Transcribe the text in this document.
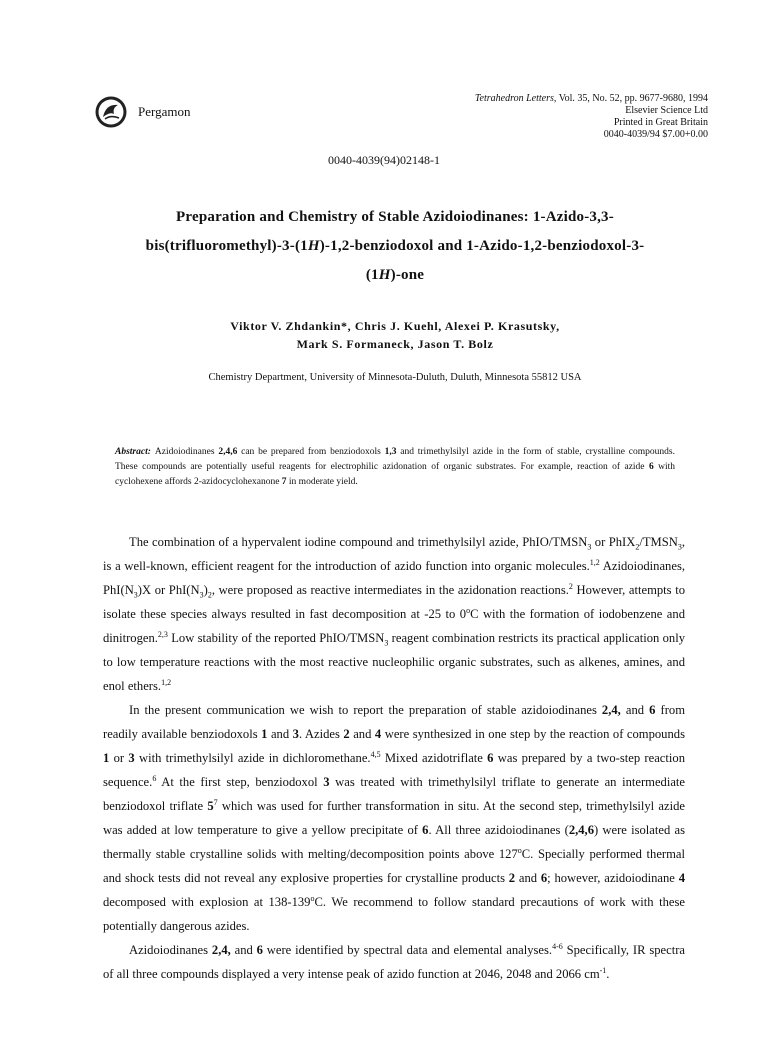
Pergamon
Tetrahedron Letters, Vol. 35, No. 52, pp. 9677-9680, 1994
Elsevier Science Ltd
Printed in Great Britain
0040-4039/94 $7.00+0.00
0040-4039(94)02148-1
Preparation and Chemistry of Stable Azidoiodinanes: 1-Azido-3,3-
bis(trifluoromethyl)-3-(1H)-1,2-benziodoxol and 1-Azido-1,2-benziodoxol-3-
(1H)-one
Viktor V. Zhdankin*, Chris J. Kuehl, Alexei P. Krasutsky,
Mark S. Formaneck, Jason T. Bolz
Chemistry Department, University of Minnesota-Duluth, Duluth, Minnesota 55812 USA
Abstract: Azidoiodinanes 2,4,6 can be prepared from benziodoxols 1,3 and trimethylsilyl azide in the form of stable, crystalline compounds. These compounds are potentially useful reagents for electrophilic azidonation of organic substrates. For example, reaction of azide 6 with cyclohexene affords 2-azidocyclohexanone 7 in moderate yield.

The combination of a hypervalent iodine compound and trimethylsilyl azide, PhIO/$TMSN_3$ or $PhIX_2/TMSN_3$, is a well-known, efficient reagent for the introduction of azido function into organic molecules.$^{1,2}$ Azidoiodinanes, $PhI(N_3)X$ or $PhI(N_3)_2$, were proposed as reactive intermediates in the azidonation reactions.$^2$ However, attempts to isolate these species always resulted in fast decomposition at -25 to 0$^o$C with the formation of iodobenzene and dinitrogen.$^{2,3}$ Low stability of the reported PhIO/$TMSN_3$ reagent combination restricts its practical application only to low temperature reactions with the most reactive nucleophilic organic substrates, such as alkenes, amines, and enol ethers.$^{1,2}$

In the present communication we wish to report the preparation of stable azidoiodinanes 2,4, and 6 from readily available benziodoxols 1 and 3. Azides 2 and 4 were synthesized in one step by the reaction of compounds 1 or 3 with trimethylsilyl azide in dichloromethane.$^{4,5}$ Mixed azidotriflate 6 was prepared by a two-step reaction sequence.$^6$ At the first step, benziodoxol 3 was treated with trimethylsilyl triflate to generate an intermediate benziodoxol triflate $5^7$ which was used for further transformation in situ. At the second step, trimethylsilyl azide was added at low temperature to give a yellow precipitate of 6. All three azidoiodinanes (2,4,6) were isolated as thermally stable crystalline solids with melting/decomposition points above 127$^o$C. Specially performed thermal and shock tests did not reveal any explosive properties for crystalline products 2 and 6; however, azidoiodinane 4 decomposed with explosion at 138-139$^o$C. We recommend to follow standard precautions of work with these potentially dangerous azides.

Azidoiodinanes 2,4, and 6 were identified by spectral data and elemental analyses.$^{4-6}$ Specifically, IR spectra of all three compounds displayed a very intense peak of azido function at 2046, 2048 and 2066 $cm^{-1}$.
